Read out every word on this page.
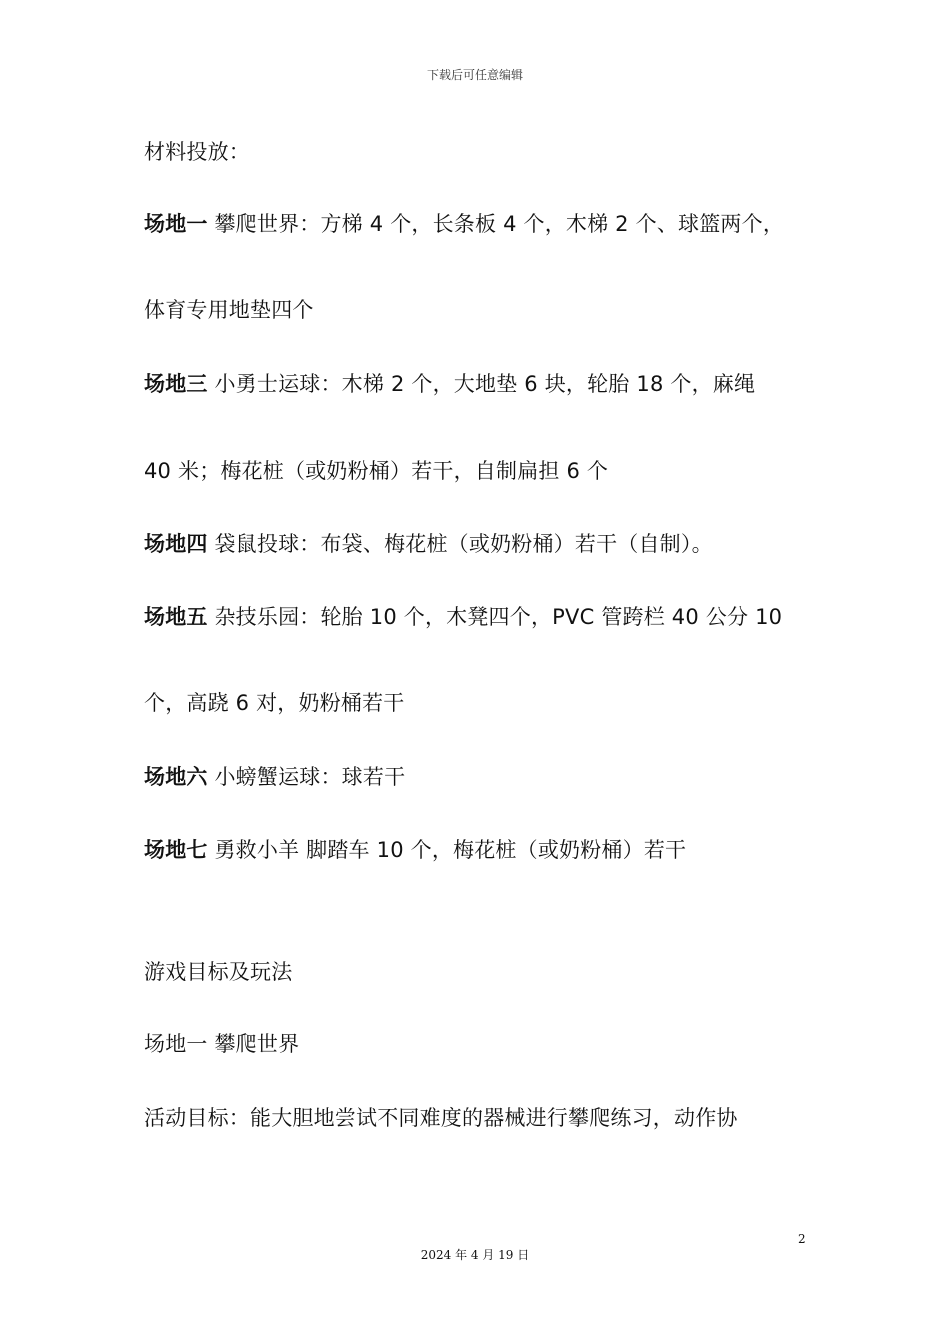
下载后可任意编辑
材料投放：
场地一 攀爬世界：方梯 4 个，长条板 4 个，木梯 2 个、球篮两个，
体育专用地垫四个
场地三 小勇士运球：木梯 2 个，大地垫 6 块，轮胎 18 个，麻绳
40 米；梅花桩（或奶粉桶）若干，自制扁担 6 个
场地四 袋鼠投球：布袋、梅花桩（或奶粉桶）若干（自制）。
场地五 杂技乐园：轮胎 10 个，木凳四个，PVC 管跨栏 40 公分 10
个，高跷 6 对，奶粉桶若干
场地六 小螃蟹运球：球若干
场地七 勇救小羊 脚踏车 10 个，梅花桩（或奶粉桶）若干
游戏目标及玩法
场地一 攀爬世界
活动目标：能大胆地尝试不同难度的器械进行攀爬练习，动作协
2
2024 年 4 月 19 日
